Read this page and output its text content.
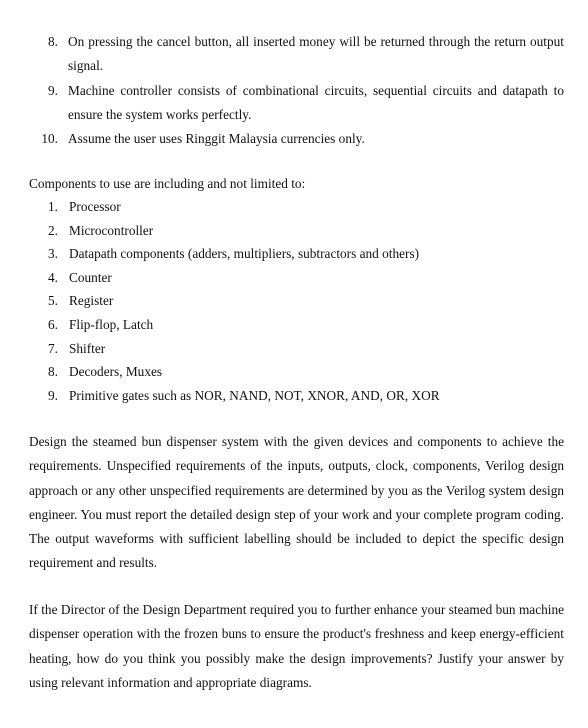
8. On pressing the cancel button, all inserted money will be returned through the return output signal.
9. Machine controller consists of combinational circuits, sequential circuits and datapath to ensure the system works perfectly.
10. Assume the user uses Ringgit Malaysia currencies only.
Components to use are including and not limited to:
1. Processor
2. Microcontroller
3. Datapath components (adders, multipliers, subtractors and others)
4. Counter
5. Register
6. Flip-flop, Latch
7. Shifter
8. Decoders, Muxes
9. Primitive gates such as NOR, NAND, NOT, XNOR, AND, OR, XOR

Design the steamed bun dispenser system with the given devices and components to achieve the requirements. Unspecified requirements of the inputs, outputs, clock, components, Verilog design approach or any other unspecified requirements are determined by you as the Verilog system design engineer. You must report the detailed design step of your work and your complete program coding. The output waveforms with sufficient labelling should be included to depict the specific design requirement and results.

If the Director of the Design Department required you to further enhance your steamed bun machine dispenser operation with the frozen buns to ensure the product's freshness and keep energy-efficient heating, how do you think you possibly make the design improvements? Justify your answer by using relevant information and appropriate diagrams.
